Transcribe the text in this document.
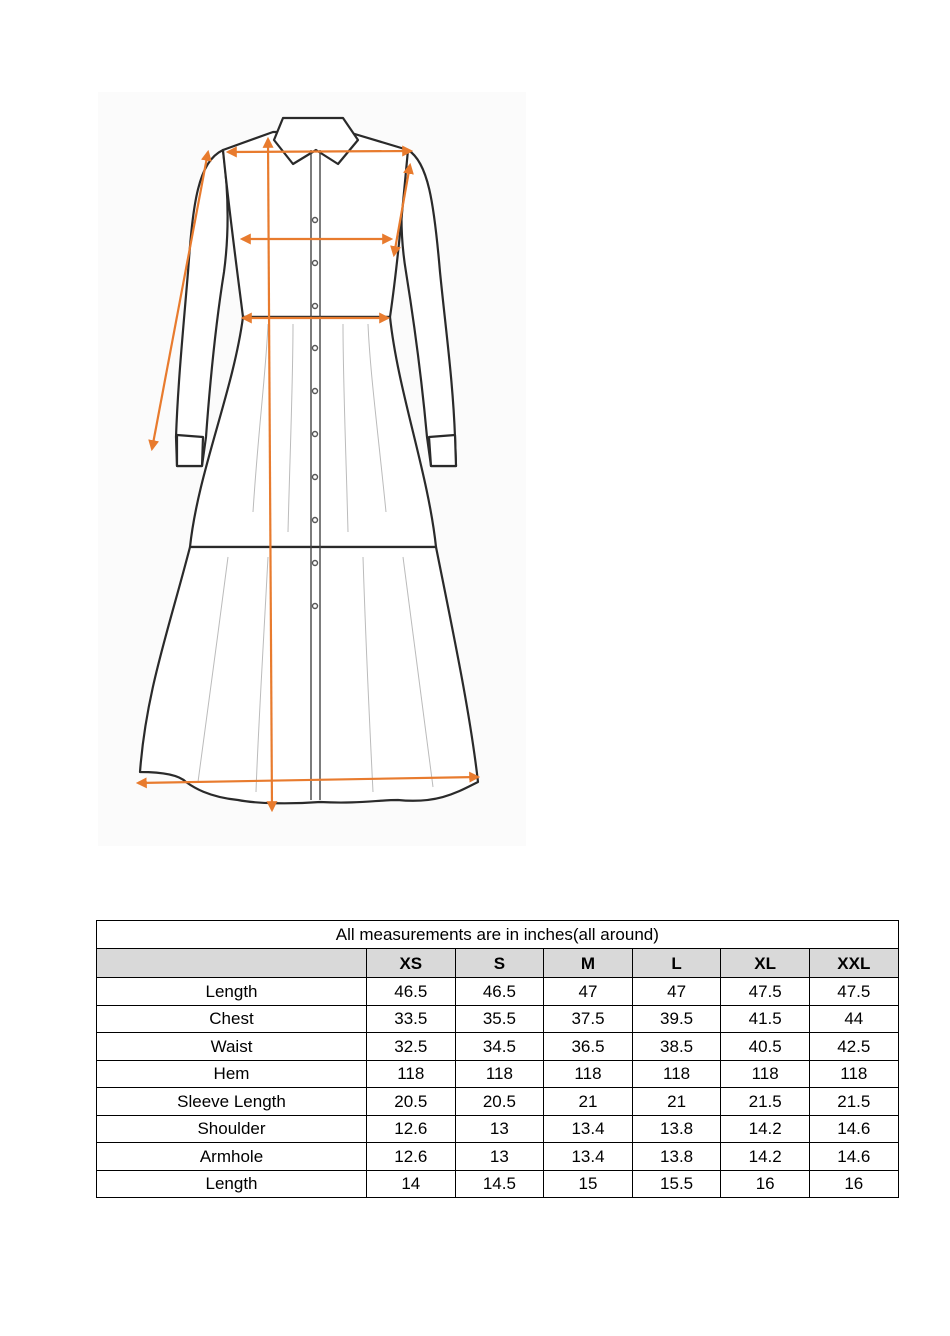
All measurements are in inches(all around)						
	XS	S	M	L	XL	XXL
Length	46.5	46.5	47	47	47.5	47.5
Chest	33.5	35.5	37.5	39.5	41.5	44
Waist	32.5	34.5	36.5	38.5	40.5	42.5
Hem	118	118	118	118	118	118
Sleeve Length	20.5	20.5	21	21	21.5	21.5
Shoulder	12.6	13	13.4	13.8	14.2	14.6
Armhole	12.6	13	13.4	13.8	14.2	14.6
Length	14	14.5	15	15.5	16	16
